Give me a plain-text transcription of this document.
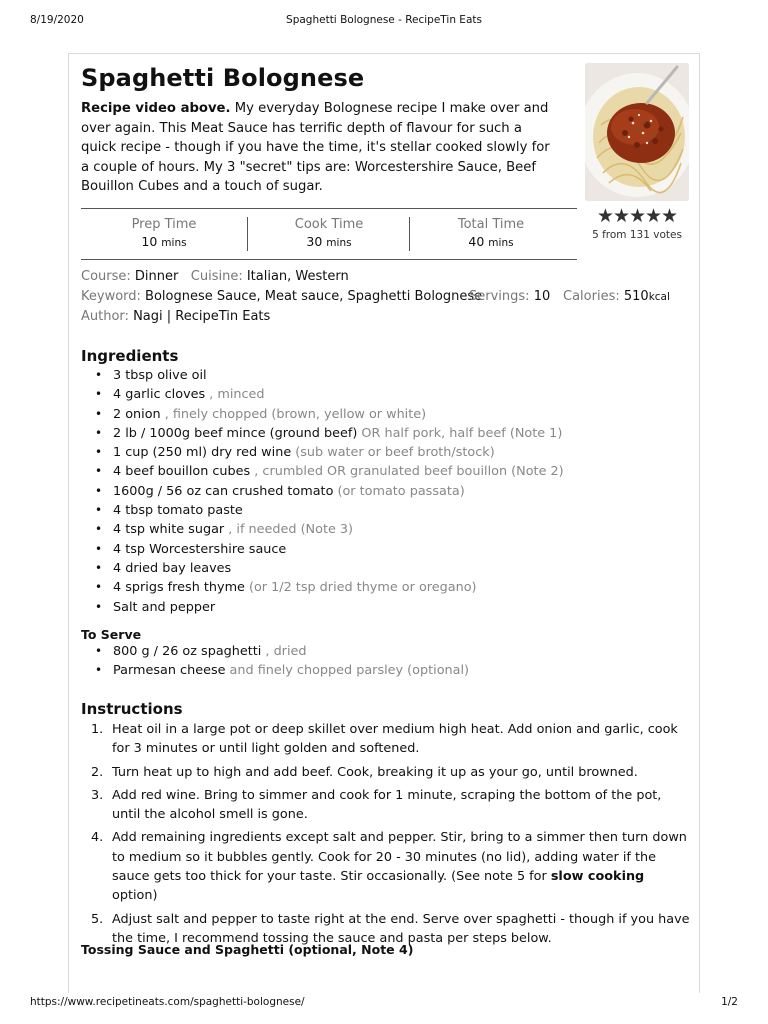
8/19/2020	Spaghetti Bolognese - RecipeTin Eats
Spaghetti Bolognese

Recipe video above. My everyday Bolognese recipe I make over and over again. This Meat Sauce has terrific depth of flavour for such a quick recipe - though if you have the time, it's stellar cooked slowly for a couple of hours. My 3 "secret" tips are: Worcestershire Sauce, Beef Bouillon Cubes and a touch of sugar.

★★★★★
5 from 131 votes
Prep Time
10 mins
Cook Time
30 mins
Total Time
40 mins
Course: Dinner Cuisine: Italian, Western
Keyword: Bolognese Sauce, Meat sauce, Spaghetti Bolognese
Servings: 10 Calories: 510kcal
Author: Nagi | RecipeTin Eats
Ingredients
• 3 tbsp olive oil
• 4 garlic cloves , minced
• 2 onion , finely chopped (brown, yellow or white)
• 2 lb / 1000g beef mince (ground beef) OR half pork, half beef (Note 1)
• 1 cup (250 ml) dry red wine (sub water or beef broth/stock)
• 4 beef bouillon cubes , crumbled OR granulated beef bouillon (Note 2)
• 1600g / 56 oz can crushed tomato (or tomato passata)
• 4 tbsp tomato paste
• 4 tsp white sugar , if needed (Note 3)
• 4 tsp Worcestershire sauce
• 4 dried bay leaves
• 4 sprigs fresh thyme (or 1/2 tsp dried thyme or oregano)
• Salt and pepper
To Serve
• 800 g / 26 oz spaghetti , dried
• Parmesan cheese and finely chopped parsley (optional)
Instructions
1. Heat oil in a large pot or deep skillet over medium high heat. Add onion and garlic, cook for 3 minutes or until light golden and softened.
2. Turn heat up to high and add beef. Cook, breaking it up as your go, until browned.
3. Add red wine. Bring to simmer and cook for 1 minute, scraping the bottom of the pot, until the alcohol smell is gone.
4. Add remaining ingredients except salt and pepper. Stir, bring to a simmer then turn down to medium so it bubbles gently. Cook for 20 - 30 minutes (no lid), adding water if the sauce gets too thick for your taste. Stir occasionally. (See note 5 for slow cooking option)
5. Adjust salt and pepper to taste right at the end. Serve over spaghetti - though if you have the time, I recommend tossing the sauce and pasta per steps below.

Tossing Sauce and Spaghetti (optional, Note 4)

https://www.recipetineats.com/spaghetti-bolognese/	1/2
